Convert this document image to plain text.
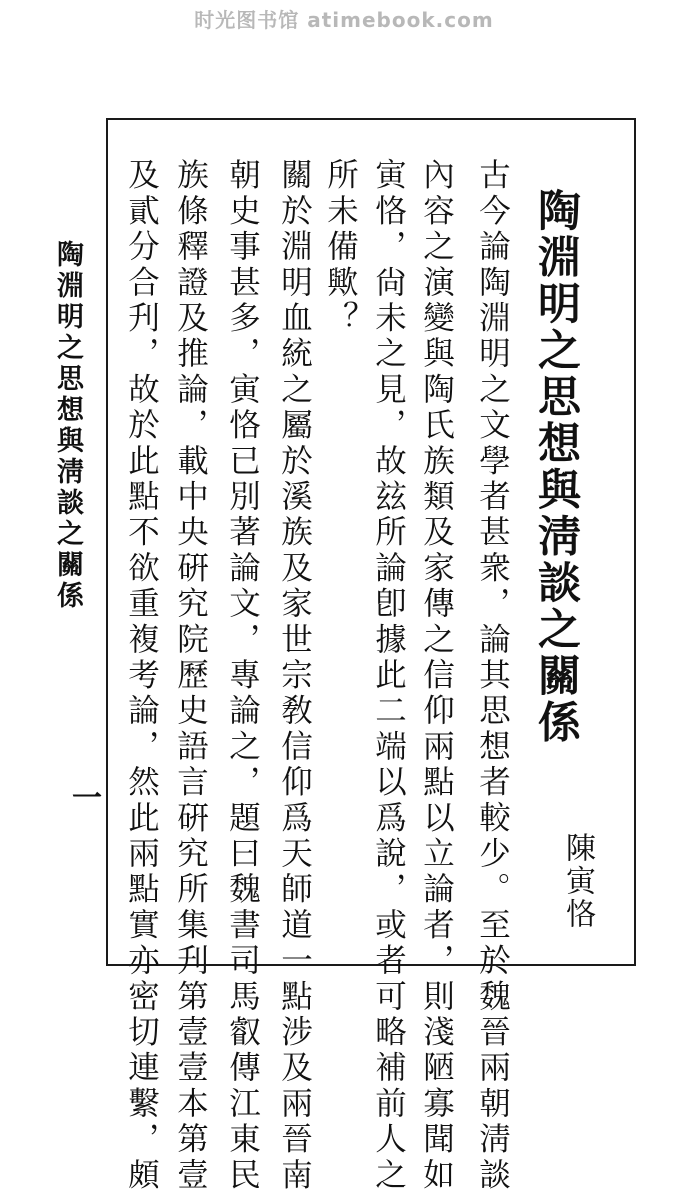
时光图书馆 atimebook.com
陶淵明之思想與淸談之關係
陳寅恪
古今論陶淵明之文學者甚衆，論其思想者較少。至於魏晉兩朝淸談
內容之演變與陶氏族類及家傳之信仰兩點以立論者，則淺陋寡聞如
寅恪，尙未之見，故玆所論卽據此二端以爲說，或者可略補前人之
所未備歟？
關於淵明血統之屬於溪族及家世宗敎信仰爲天師道一點涉及兩晉南
朝史事甚多，寅恪已別著論文，專論之，題曰魏書司馬叡傳江東民
族條釋證及推論，載中央硏究院歷史語言硏究所集刋第壹壹本第壹
及貳分合刋，故於此點不欲重複考論，然此兩點實亦密切連繫，頗
陶淵明之思想與淸談之關係
一
